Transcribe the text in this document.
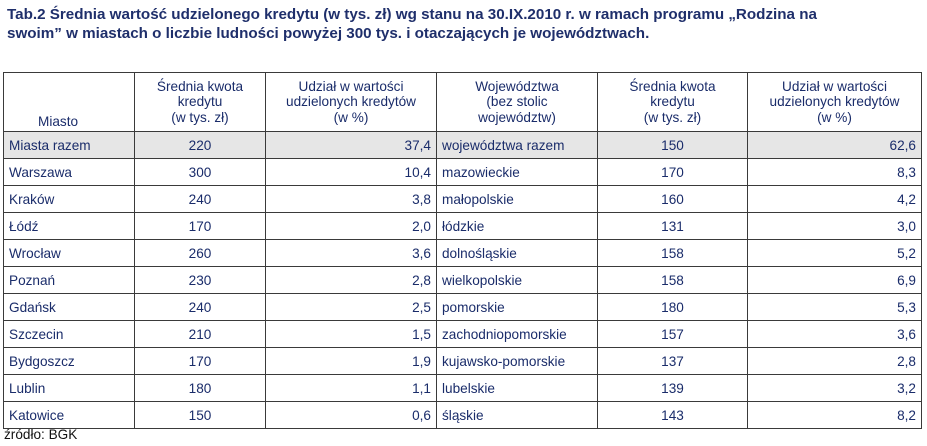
Tab.2 Średnia wartość udzielonego kredytu (w tys. zł) wg stanu na 30.IX.2010 r. w ramach programu „Rodzina na
swoim” w miastach o liczbie ludności powyżej 300 tys. i otaczających je województwach.
Miasto	Średnia kwota
kredytu
(w tys. zł)	Udział w wartości
udzielonych kredytów
(w %)	Województwa
(bez stolic
województw)	Średnia kwota
kredytu
(w tys. zł)	Udział w wartości
udzielonych kredytów
(w %)

Miasta razem	220	37,4	województwa razem	150	62,6
Warszawa	300	10,4	mazowieckie	170	8,3
Kraków	240	3,8	małopolskie	160	4,2
Łódź	170	2,0	łódzkie	131	3,0
Wrocław	260	3,6	dolnośląskie	158	5,2
Poznań	230	2,8	wielkopolskie	158	6,9
Gdańsk	240	2,5	pomorskie	180	5,3
Szczecin	210	1,5	zachodniopomorskie	157	3,6
Bydgoszcz	170	1,9	kujawsko-pomorskie	137	2,8
Lublin	180	1,1	lubelskie	139	3,2
Katowice	150	0,6	śląskie	143	8,2
źródło: BGK
